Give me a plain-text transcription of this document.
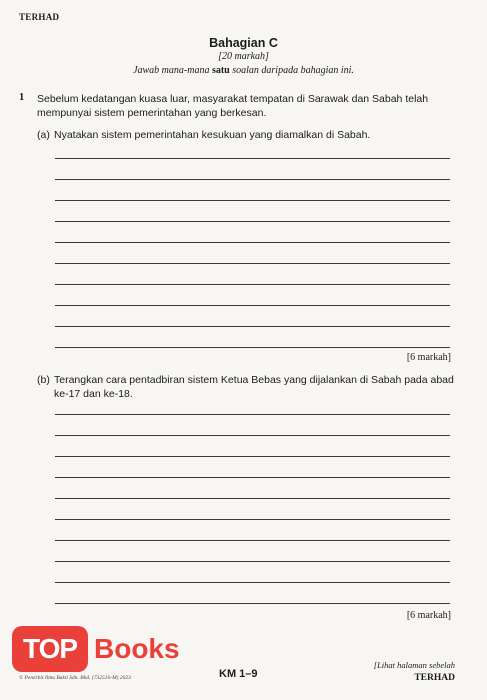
TERHAD
Bahagian C
[20 markah]
Jawab mana-mana satu soalan daripada bahagian ini.
1 Sebelum kedatangan kuasa luar, masyarakat tempatan di Sarawak dan Sabah telah mempunyai sistem pemerintahan yang berkesan.
(a) Nyatakan sistem pemerintahan kesukuan yang diamalkan di Sabah.
[6 markah]
(b) Terangkan cara pentadbiran sistem Ketua Bebas yang dijalankan di Sabah pada abad ke-17 dan ke-18.
[6 markah]
TOP Books
© Penerbit Ilmu Bakti Sdn. Bhd. (732516-M) 2023	KM 1–9
[Lihat halaman sebelah
TERHAD
